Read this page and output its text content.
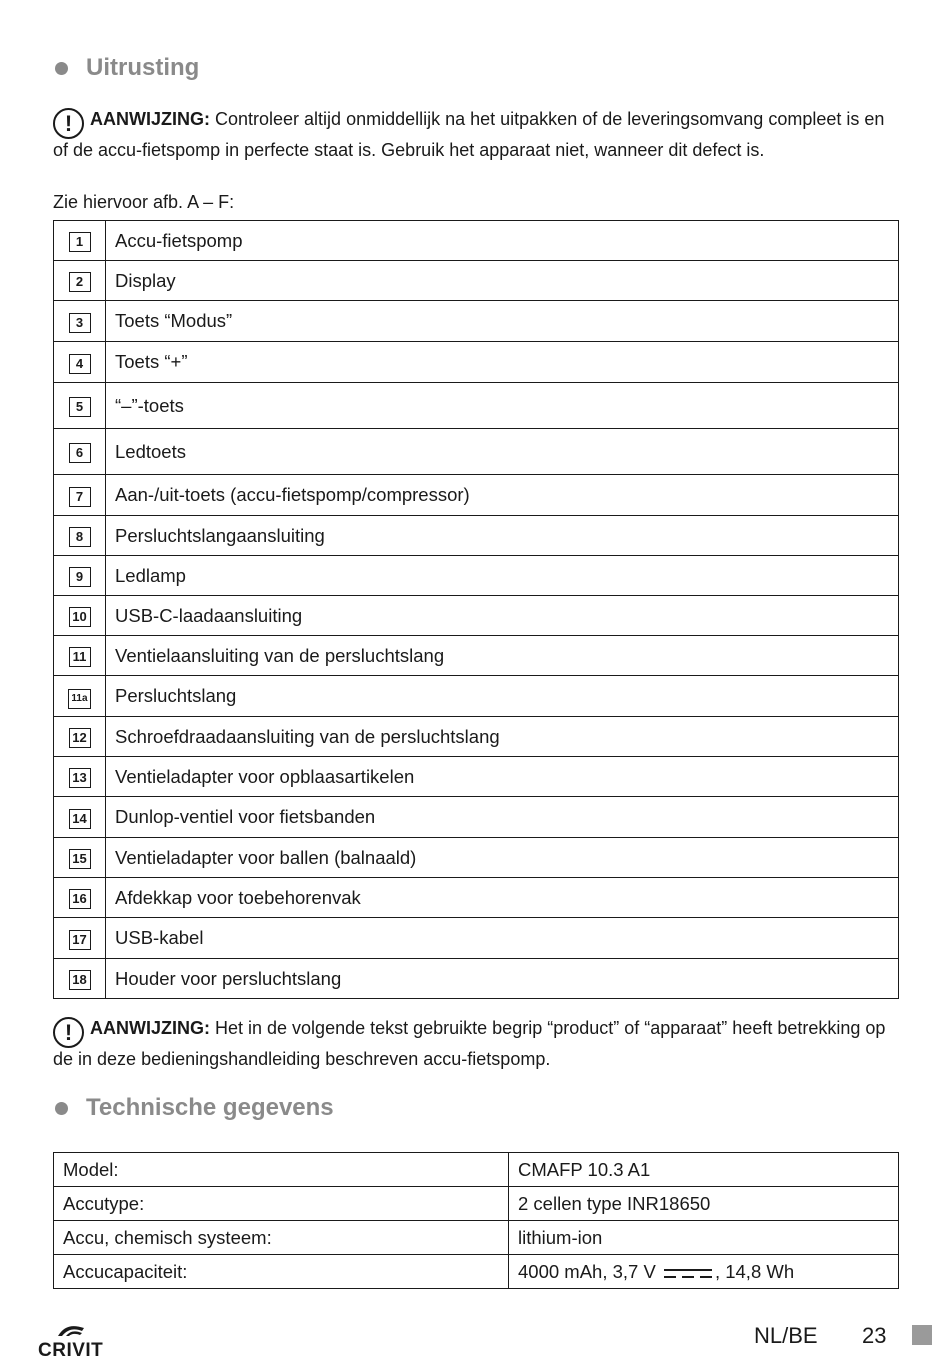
Uitrusting
! AANWIJZING: Controleer altijd onmiddellijk na het uitpakken of de leveringsomvang compleet is en of de accu-fietspomp in perfecte staat is. Gebruik het apparaat niet, wanneer dit defect is.
Zie hiervoor afb. A – F:
1	Accu-fietspomp
2	Display
3	Toets “Modus”
4	Toets “+”
5	“–”-toets
6	Ledtoets
7	Aan-/uit-toets (accu-fietspomp/compressor)
8	Persluchtslangaansluiting
9	Ledlamp
10	USB-C-laadaansluiting
11	Ventielaansluiting van de persluchtslang
11a	Persluchtslang
12	Schroefdraadaansluiting van de persluchtslang
13	Ventieladapter voor opblaasartikelen
14	Dunlop-ventiel voor fietsbanden
15	Ventieladapter voor ballen (balnaald)
16	Afdekkap voor toebehorenvak
17	USB-kabel
18	Houder voor persluchtslang
! AANWIJZING: Het in de volgende tekst gebruikte begrip “product” of “apparaat” heeft betrekking op de in deze bedieningshandleiding beschreven accu-fietspomp.
Technische gegevens
Model:	CMAFP 10.3 A1
Accutype:	2 cellen type INR18650
Accu, chemisch systeem:	lithium-ion
Accucapaciteit:	4000 mAh, 3,7 V , 14,8 Wh
CRIVIT
NL/BE 23
